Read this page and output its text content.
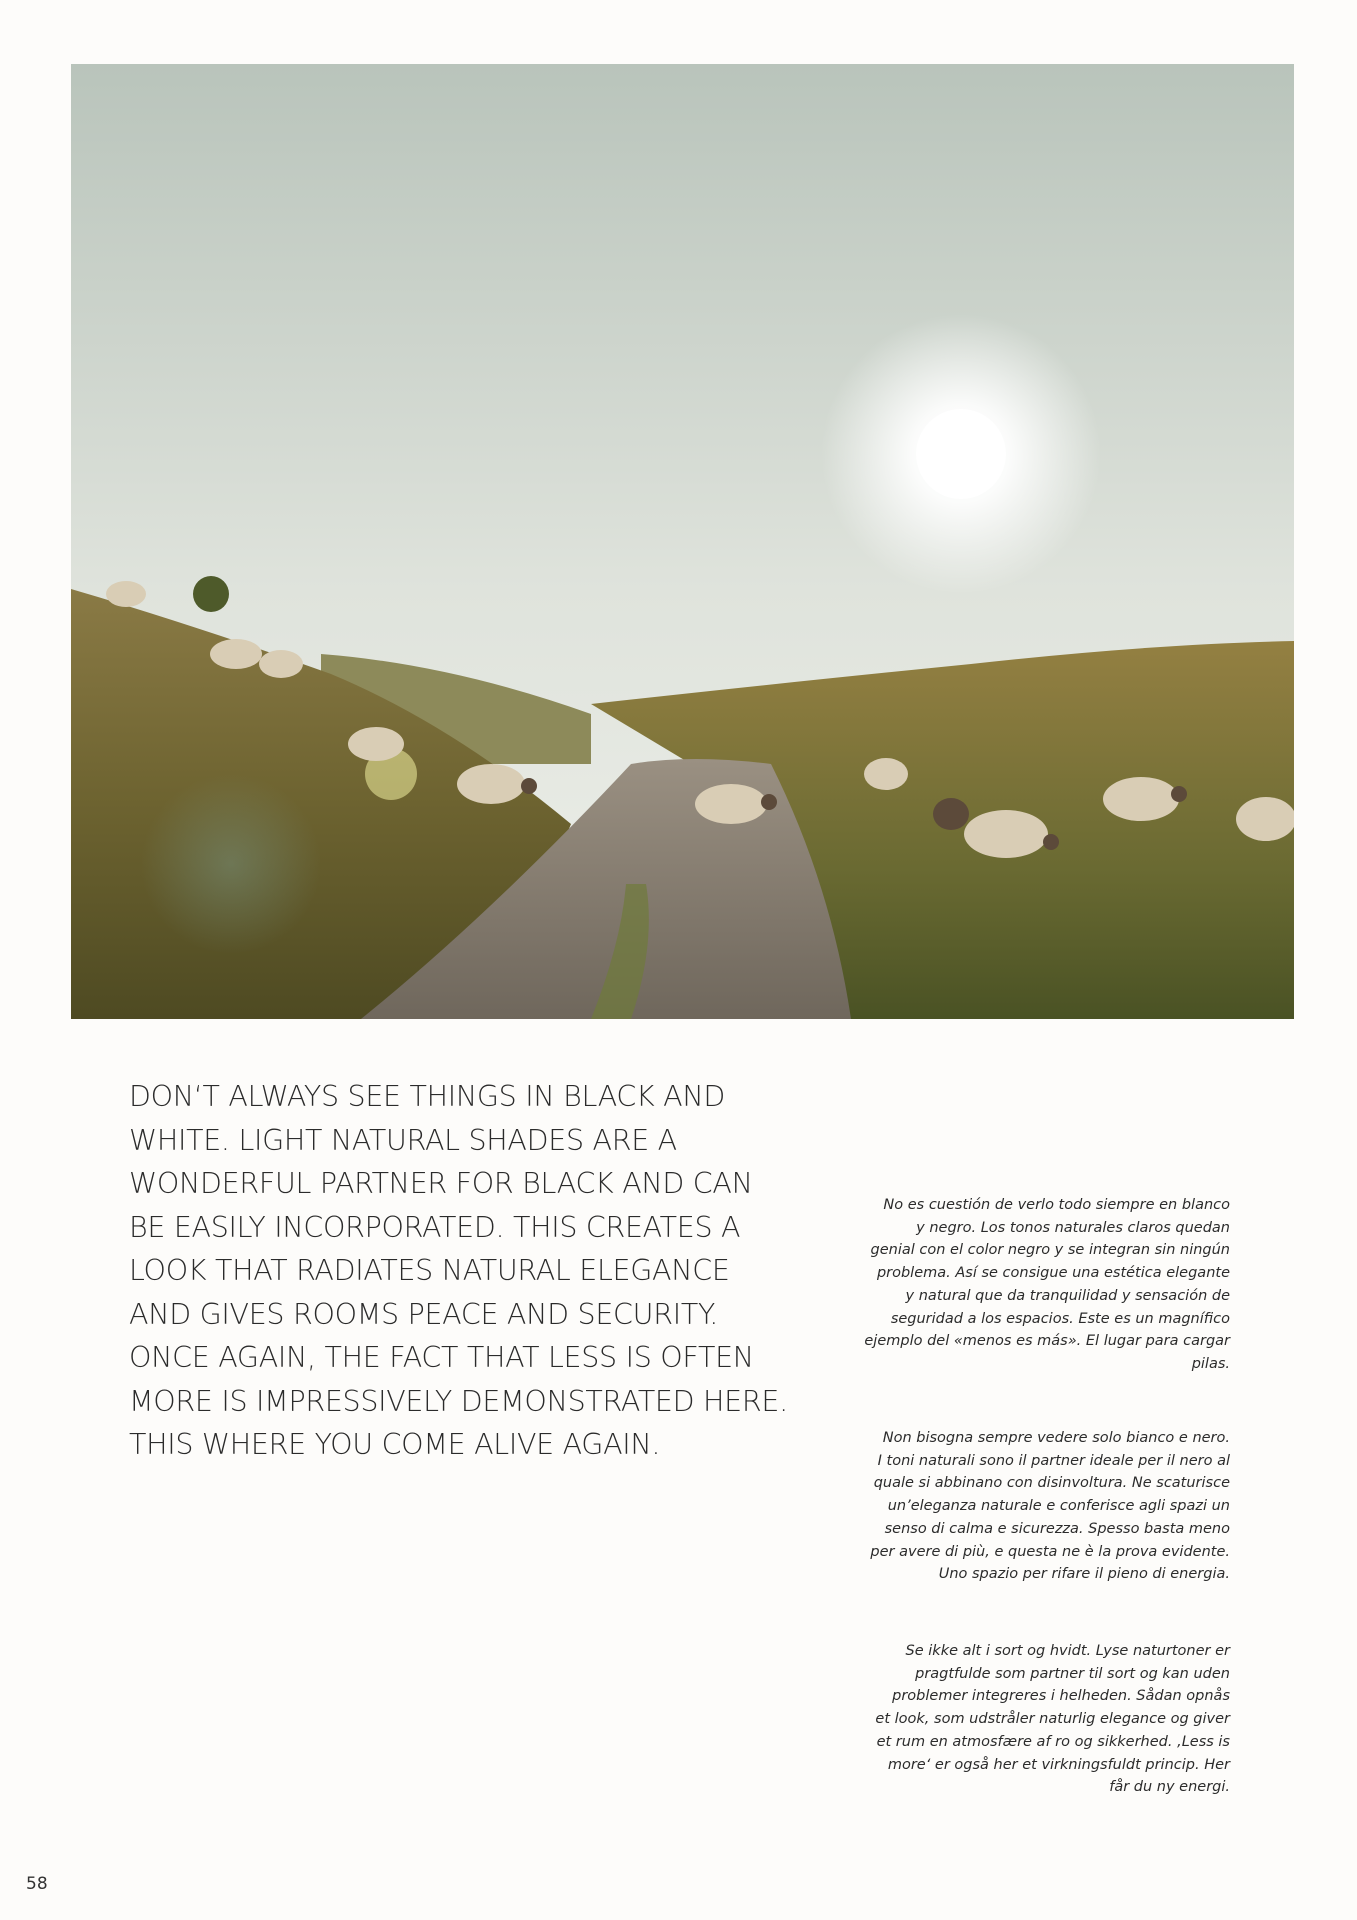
DON‘T ALWAYS SEE THINGS IN BLACK AND
WHITE. LIGHT NATURAL SHADES ARE A
WONDERFUL PARTNER FOR BLACK AND CAN
BE EASILY INCORPORATED. THIS CREATES A
LOOK THAT RADIATES NATURAL ELEGANCE
AND GIVES ROOMS PEACE AND SECURITY.
ONCE AGAIN, THE FACT THAT LESS IS OFTEN
MORE IS IMPRESSIVELY DEMONSTRATED HERE.
THIS WHERE YOU COME ALIVE AGAIN.

No es cuestión de verlo todo siempre en blanco
y negro. Los tonos naturales claros quedan
genial con el color negro y se integran sin ningún
problema. Así se consigue una estética elegante
y natural que da tranquilidad y sensación de
seguridad a los espacios. Este es un magnífico
ejemplo del «menos es más». El lugar para cargar
pilas.

Non bisogna sempre vedere solo bianco e nero.
I toni naturali sono il partner ideale per il nero al
quale si abbinano con disinvoltura. Ne scaturisce
un’eleganza naturale e conferisce agli spazi un
senso di calma e sicurezza. Spesso basta meno
per avere di più, e questa ne è la prova evidente.
Uno spazio per rifare il pieno di energia.

Se ikke alt i sort og hvidt. Lyse naturtoner er
pragtfulde som partner til sort og kan uden
problemer integreres i helheden. Sådan opnås
et look, som udstråler naturlig elegance og giver
et rum en atmosfære af ro og sikkerhed. ‚Less is
more‘ er også her et virkningsfuldt princip. Her
får du ny energi.

58
